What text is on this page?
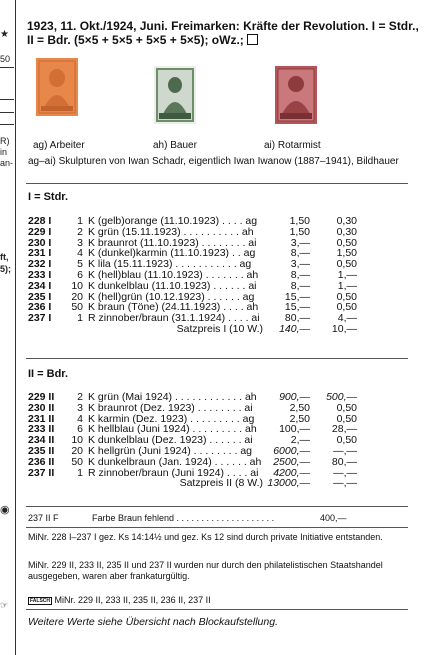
★
50
R)
in
an-
ft,
5);
◉
☞
1923, 11. Okt./1924, Juni. Freimarken: Kräfte der Revolution. I = Stdr., II = Bdr. (5×5 + 5×5 + 5×5 + 5×5); oWz.;
ag) Arbeiter	ah) Bauer	ai) Rotarmist
ag–ai) Skulpturen von Iwan Schadr, eigentlich Iwan Iwanow (1887–1941), Bildhauer
I = Stdr.
228 I	1	K (gelb)orange (11.10.1923) . . . . ag	1,50	0,30
229 I	2	K grün (15.11.1923) . . . . . . . . . . ah	1,50	0,30
230 I	3	K braunrot (11.10.1923) . . . . . . . . ai	3,—	0,50
231 I	4	K (dunkel)karmin (11.10.1923) . . ag	8,—	1,50
232 I	5	K lila (15.11.1923) . . . . . . . . . . . ag	3,—	0,50
233 I	6	K (hell)blau (11.10.1923) . . . . . . . ah	8,—	1,—
234 I	10	K dunkelblau (11.10.1923) . . . . . . ai	8,—	1,—
235 I	20	K (hell)grün (10.12.1923) . . . . . . ag	15,—	0,50
236 I	50	K braun (Töne) (24.11.1923) . . . . ah	15,—	0,50
237 I	1	R zinnober/braun (31.1.1924) . . . . ai	80,—	4,—
Satzpreis I (10 W.)			140,—	10,—
II = Bdr.
229 II	2	K grün (Mai 1924) . . . . . . . . . . . . ah	900,—	500,—
230 II	3	K braunrot (Dez. 1923) . . . . . . . . ai	2,50	0,50
231 II	4	K karmin (Dez. 1923) . . . . . . . . . ag	2,50	0,50
233 II	6	K hellblau (Juni 1924) . . . . . . . . . ah	100,—	28,—
234 II	10	K dunkelblau (Dez. 1923) . . . . . . ai	2,—	0,50
235 II	20	K hellgrün (Juni 1924) . . . . . . . . ag	6000,—	—,—
236 II	50	K dunkelbraun (Jan. 1924) . . . . . . ah	2500,—	80,—
237 II	1	R zinnober/braun (Juni 1924) . . . . ai	4200,—	—,—
Satzpreis II (8 W.)			13000,—	—,—
237 II F	Farbe Braun fehlend . . . . . . . . . . . . . . . . . . . .	400,—
MiNr. 228 I–237 I gez. Ks 14:14½ und gez. Ks 12 sind durch private Initiative entstanden.
MiNr. 229 II, 233 II, 235 II und 237 II wurden nur durch den philatelistischen Staatshandel ausgegeben, waren aber frankaturgültig.
FALSCH MiNr. 229 II, 233 II, 235 II, 236 II, 237 II
Weitere Werte siehe Übersicht nach Blockaufstellung.
